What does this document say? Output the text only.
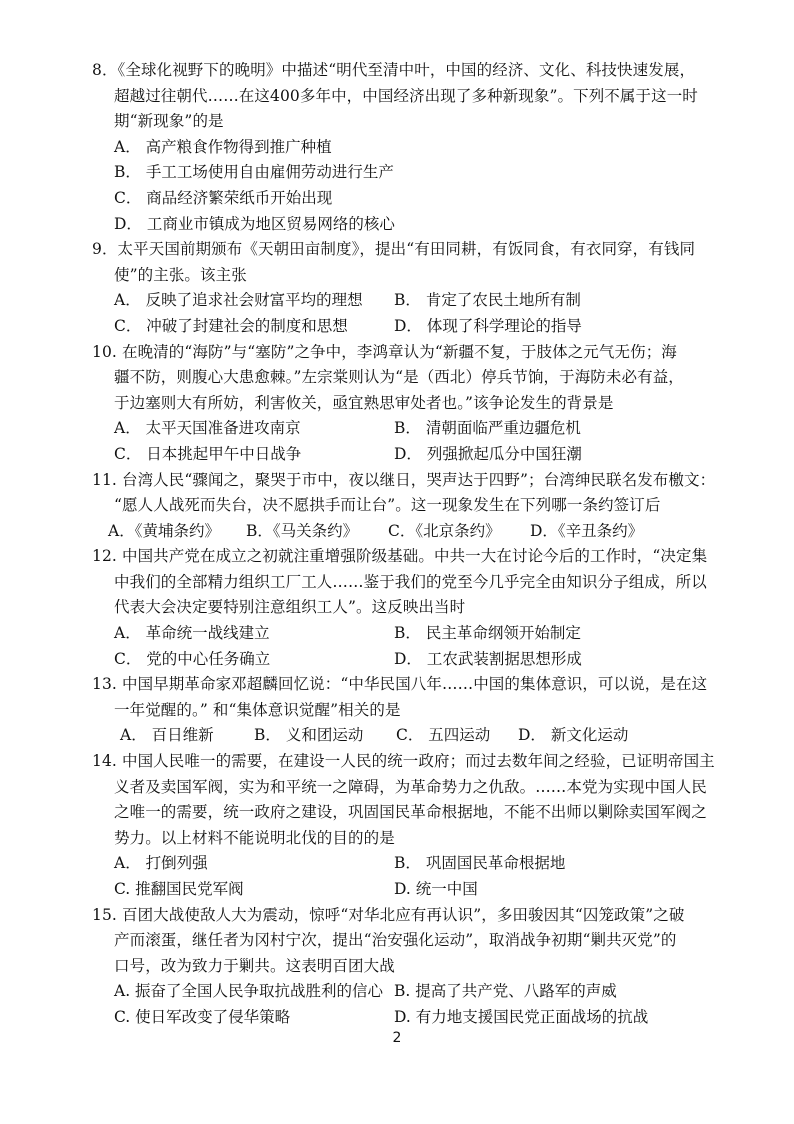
8．《全球化视野下的晚明》中描述“明代至清中叶，中国的经济、文化、科技快速发展，
超越过往朝代……在这400多年中，中国经济出现了多种新现象”。下列不属于这一时
期“新现象”的是
A． 高产粮食作物得到推广种植
B． 手工工场使用自由雇佣劳动进行生产
C． 商品经济繁荣纸币开始出现
D． 工商业市镇成为地区贸易网络的核心
9．太平天国前期颁布《天朝田亩制度》，提出“有田同耕，有饭同食，有衣同穿，有钱同
使”的主张。该主张
A． 反映了追求社会财富平均的理想	B． 肯定了农民土地所有制
C． 冲破了封建社会的制度和思想	D． 体现了科学理论的指导
10. 在晚清的“海防”与“塞防”之争中，李鸿章认为“新疆不复，于肢体之元气无伤；海
疆不防，则腹心大患愈棘。”左宗棠则认为“是（西北）停兵节饷，于海防未必有益，
于边塞则大有所妨，利害攸关，亟宜熟思审处者也。”该争论发生的背景是
A． 太平天国准备进攻南京	B． 清朝面临严重边疆危机
C． 日本挑起甲午中日战争	D． 列强掀起瓜分中国狂潮
11. 台湾人民“骤闻之，聚哭于市中，夜以继日，哭声达于四野”；台湾绅民联名发布檄文：
“愿人人战死而失台，决不愿拱手而让台”。这一现象发生在下列哪一条约签订后
A．《黄埔条约》	B．《马关条约》	C．《北京条约》	D．《辛丑条约》
12. 中国共产党在成立之初就注重增强阶级基础。中共一大在讨论今后的工作时，“决定集
中我们的全部精力组织工厂工人……鉴于我们的党至今几乎完全由知识分子组成，所以
代表大会决定要特别注意组织工人”。这反映出当时
A． 革命统一战线建立	B． 民主革命纲领开始制定
C． 党的中心任务确立	D． 工农武装割据思想形成
13. 中国早期革命家邓超麟回忆说：“中华民国八年……中国的集体意识，可以说，是在这
一年觉醒的。” 和“集体意识觉醒”相关的是
A． 百日维新	B． 义和团运动	C． 五四运动	D． 新文化运动
14. 中国人民唯一的需要，在建设一人民的统一政府；而过去数年间之经验，已证明帝国主
义者及卖国军阀，实为和平统一之障碍，为革命势力之仇敌。……本党为实现中国人民
之唯一的需要，统一政府之建设，巩固国民革命根据地，不能不出师以剿除卖国军阀之
势力。以上材料不能说明北伐的目的的是
A． 打倒列强	B． 巩固国民革命根据地
C. 推翻国民党军阀	D. 统一中国
15. 百团大战使敌人大为震动，惊呼“对华北应有再认识”，多田骏因其“囚笼政策”之破
产而滚蛋，继任者为冈村宁次，提出“治安强化运动”，取消战争初期“剿共灭党”的
口号，改为致力于剿共。这表明百团大战
A. 振奋了全国人民争取抗战胜利的信心 B. 提高了共产党、八路军的声威
C. 使日军改变了侵华策略	D. 有力地支援国民党正面战场的抗战
2
